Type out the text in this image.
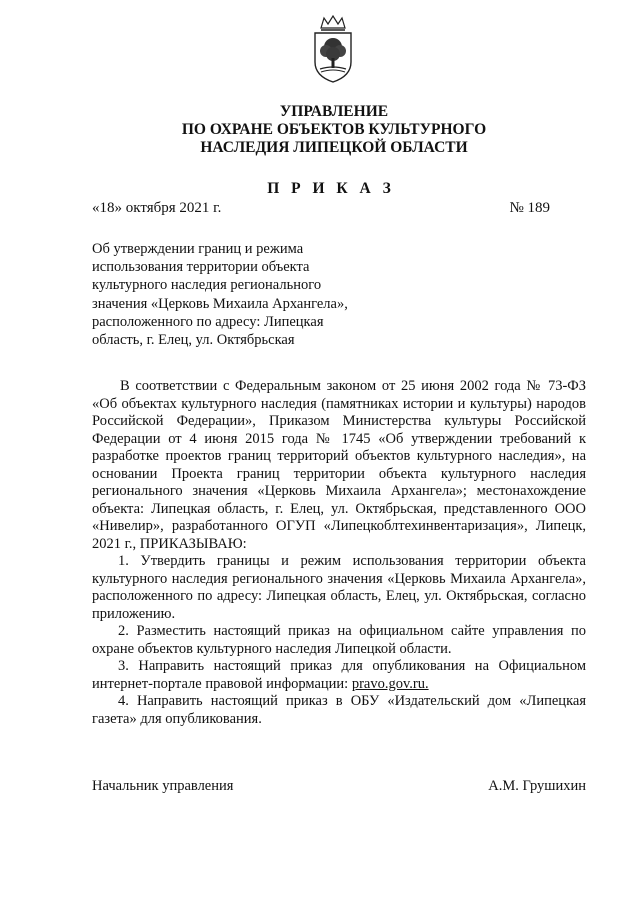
УПРАВЛЕНИЕ
ПО ОХРАНЕ ОБЪЕКТОВ КУЛЬТУРНОГО
НАСЛЕДИЯ ЛИПЕЦКОЙ ОБЛАСТИ
П Р И К А З
«18» октября 2021 г.	№ 189
Об утверждении границ и режима
использования территории объекта
культурного наследия регионального
значения «Церковь Михаила Архангела»,
расположенного по адресу: Липецкая
область, г. Елец, ул. Октябрьская

В соответствии с Федеральным законом от 25 июня 2002 года № 73-ФЗ «Об объектах культурного наследия (памятниках истории и культуры) народов Российской Федерации», Приказом Министерства культуры Российской Федерации от 4 июня 2015 года № 1745 «Об утверждении требований к разработке проектов границ территорий объектов культурного наследия», на основании Проекта границ территории объекта культурного наследия регионального значения «Церковь Михаила Архангела»; местонахождение объекта: Липецкая область, г. Елец, ул. Октябрьская, представленного ООО «Нивелир», разработанного ОГУП «Липецкоблтехинвентаризация», Липецк, 2021 г., ПРИКАЗЫВАЮ:

1. Утвердить границы и режим использования территории объекта культурного наследия регионального значения «Церковь Михаила Архангела», расположенного по адресу: Липецкая область, Елец, ул. Октябрьская, согласно приложению.

2. Разместить настоящий приказ на официальном сайте управления по охране объектов культурного наследия Липецкой области.

3. Направить настоящий приказ для опубликования на Официальном интернет-портале правовой информации: pravo.gov.ru.

4. Направить настоящий приказ в ОБУ «Издательский дом «Липецкая газета» для опубликования.

Начальник управления	А.М. Грушихин
